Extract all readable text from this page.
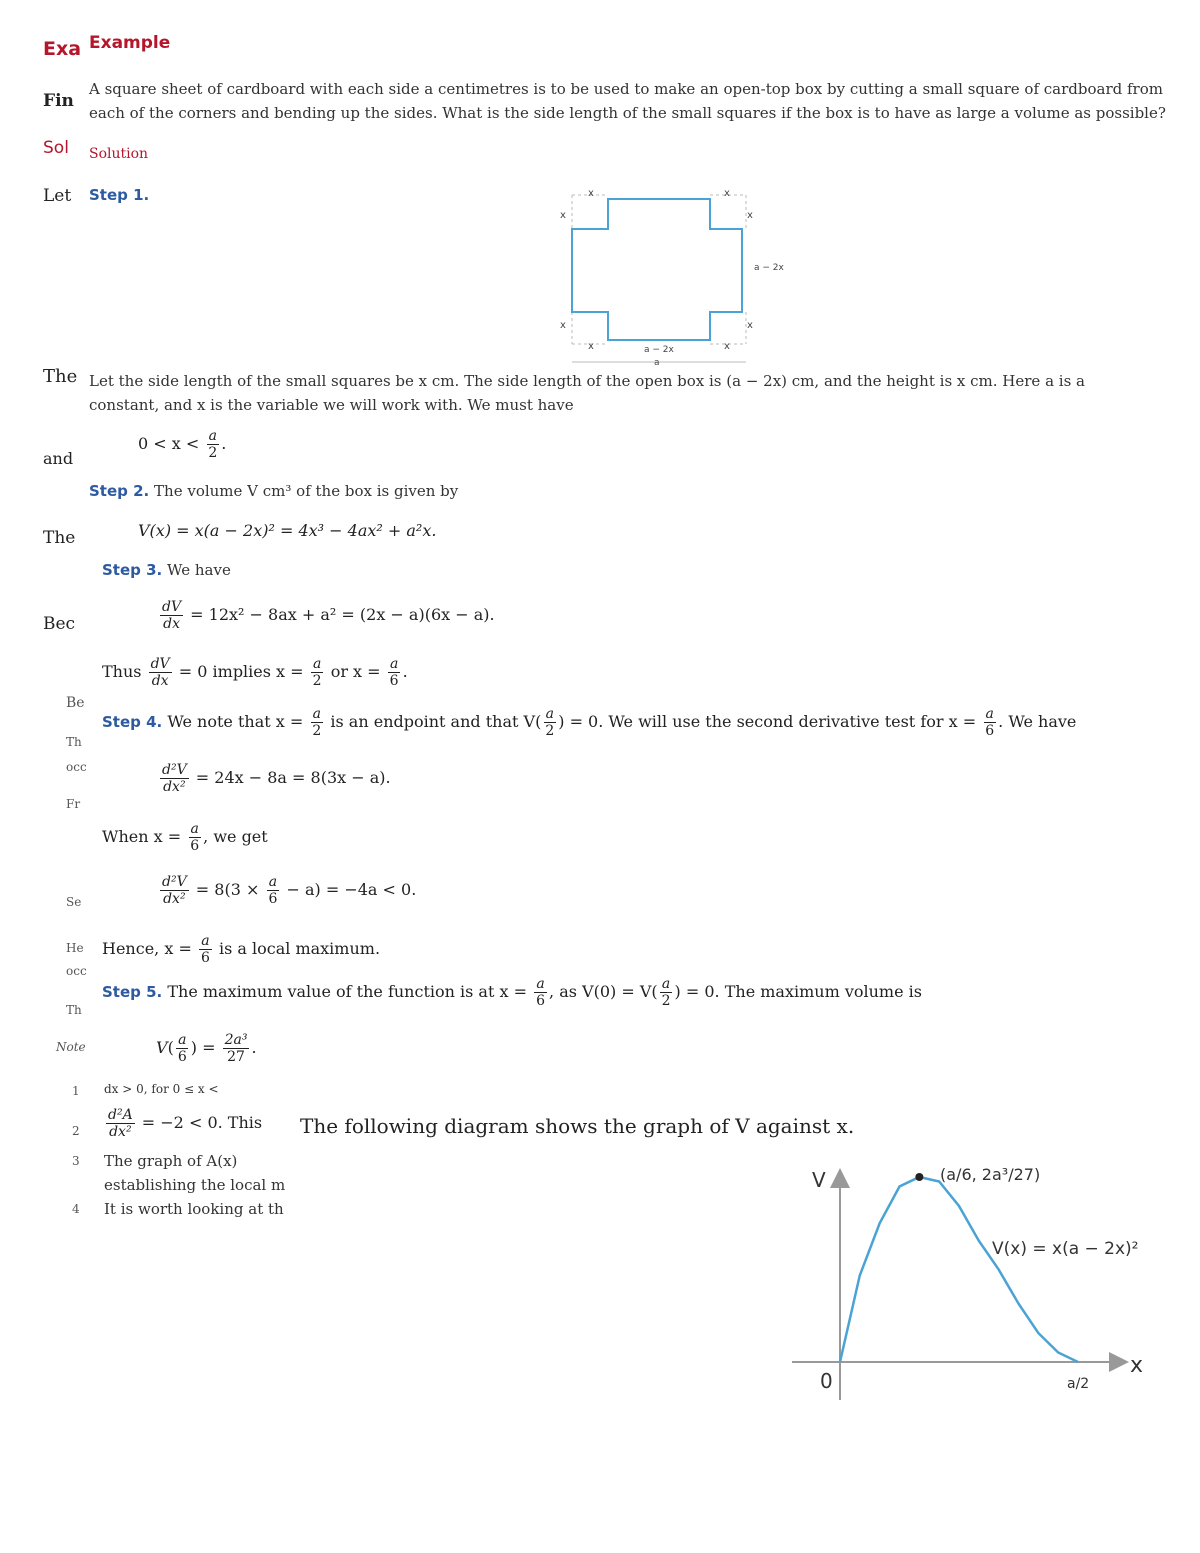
Exa Example
Fin
A square sheet of cardboard with each side a centimetres is to be used to make an open-top box by cutting a small square of cardboard from
each of the corners and bending up the sides. What is the side length of the small squares if the box is to have as large a volume as possible?
Sol Solution
Let Step 1.	x	x
x	x
a − 2x
x	x
x	a − 2x	x
a
The Let the side length of the small squares be x cm. The side length of the open box is (a − 2x) cm, and the height is x cm. Here a is a
constant, and x is the variable we will work with. We must have
and
$0 < x < \frac{a}{2}$ .
Step 2. The volume V cm³ of the box is given by
The	V(x) = x(a − 2x)² = 4x³ − 4ax² + a²x.
Step 3. We have
Bec	$\frac{dV}{dx} = 12x^2 - 8ax + a^2 = (2x - a)(6x - a)$.
Thus $\frac{dV}{dx} = 0$ implies $x = \frac{a}{2}$ or $x = \frac{a}{6}$ .
Step 4. We note that $x = \frac{a}{2}$ is an endpoint and that $V( \frac{a}{2}$ ) = 0. We will use the second derivative test for $x = \frac{a}{6}$ . We have
$\frac{\text{d²V}}{\text{dx²}} = 24x - 8a = 8(3x - a)$.
When $x = \frac{a}{6}$ , we get
$\frac{\text{d²V}}{\text{dx²}} = 8(3 \times \frac{a}{6} - a) = -4a < 0$.
Hence, $x = \frac{a}{6}$ is a local maximum.
Step 5. The maximum value of the function is at $x = \frac{a}{6}$ , as $V(0) = V( \frac{a}{2}$ ) = 0. The maximum volume is
$V( \frac{a}{6}$ ) = $\frac{\text{2a³}}{27}$ .
Be
Th
occ
Fr
Se
He
occ
Th
Note
1
2
3
4
dx > 0, for 0 ≤ x <
$\frac{\text{d²A}}{\text{dx²}} = -2 < 0$. This
The graph of A(x)
establishing the local m
It is worth looking at th
The following diagram shows the graph of V against x.
V
x
0	a/2
(a/6, 2a³/27)
V(x) = x(a − 2x)²
